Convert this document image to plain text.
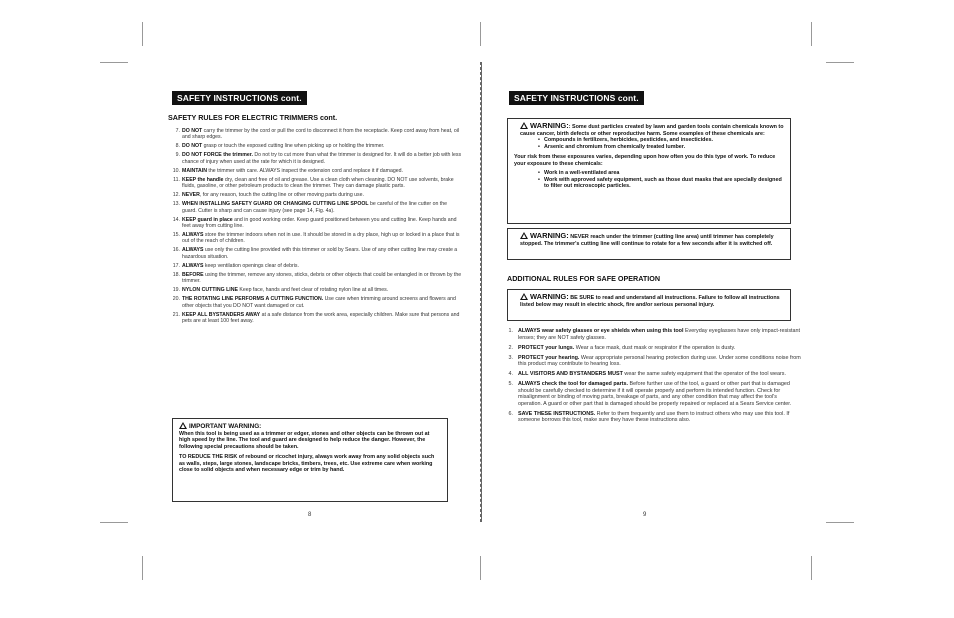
SAFETY INSTRUCTIONS cont.
SAFETY RULES FOR ELECTRIC TRIMMERS cont.
7. DO NOT carry the trimmer by the cord or pull the cord to disconnect it from the receptacle. Keep cord away from heat, oil and sharp edges.
8. DO NOT grasp or touch the exposed cutting line when picking up or holding the trimmer.
9. DO NOT FORCE the trimmer. Do not try to cut more than what the trimmer is designed for. It will do a better job with less chance of injury when used at the rate for which it is designed.
10. MAINTAIN the trimmer with care. ALWAYS inspect the extension cord and replace it if damaged.
11. KEEP the handle dry, clean and free of oil and grease. Use a clean cloth when cleaning. DO NOT use solvents, brake fluids, gasoline, or other petroleum products to clean the trimmer. They can damage plastic parts.
12. NEVER, for any reason, touch the cutting line or other moving parts during use.
13. WHEN INSTALLING SAFETY GUARD OR CHANGING CUTTING LINE SPOOL be careful of the line cutter on the guard. Cutter is sharp and can cause injury (see page 14, Fig. 4a).
14. KEEP guard in place and in good working order. Keep guard positioned between you and cutting line. Keep hands and feet away from cutting line.
15. ALWAYS store the trimmer indoors when not in use. It should be stored in a dry place, high up or locked in a place that is out of the reach of children.
16. ALWAYS use only the cutting line provided with this trimmer or sold by Sears. Use of any other cutting line may create a hazardous situation.
17. ALWAYS keep ventilation openings clear of debris.
18. BEFORE using the trimmer, remove any stones, sticks, debris or other objects that could be entangled in or thrown by the trimmer.
19. NYLON CUTTING LINE Keep face, hands and feet clear of rotating nylon line at all times.
20. THE ROTATING LINE PERFORMS A CUTTING FUNCTION. Use care when trimming around screens and flowers and other objects that you DO NOT want damaged or cut.
21. KEEP ALL BYSTANDERS AWAY at a safe distance from the work area, especially children. Make sure that persons and pets are at least 100 feet away.
IMPORTANT WARNING:
When this tool is being used as a trimmer or edger, stones and other objects can be thrown out at high speed by the line. The tool and guard are designed to help reduce the danger. However, the following special precautions should be taken.
TO REDUCE THE RISK of rebound or ricochet injury, always work away from any solid objects such as walls, steps, large stones, landscape bricks, timbers, trees, etc. Use extreme care when working close to solid objects and when necessary edge or trim by hand.
8
SAFETY INSTRUCTIONS cont.
WARNING:: Some dust particles created by lawn and garden tools contain chemicals known to cause cancer, birth defects or other reproductive harm. Some examples of these chemicals are:
• Compounds in fertilizers, herbicides, pesticides, and insecticides.
• Arsenic and chromium from chemically treated lumber.
Your risk from these exposures varies, depending upon how often you do this type of work. To reduce your exposure to these chemicals:
• Work in a well-ventilated area
• Work with approved safety equipment, such as those dust masks that are specially designed to filter out microscopic particles.
WARNING: NEVER reach under the trimmer (cutting line area) until trimmer has completely stopped. The trimmer's cutting line will continue to rotate for a few seconds after it is switched off.
ADDITIONAL RULES FOR SAFE OPERATION
WARNING: BE SURE to read and understand all instructions. Failure to follow all instructions listed below may result in electric shock, fire and/or serious personal injury.
1. ALWAYS wear safety glasses or eye shields when using this tool Everyday eyeglasses have only impact-resistant lenses; they are NOT safety glasses.
2. PROTECT your lungs. Wear a face mask, dust mask or respirator if the operation is dusty.
3. PROTECT your hearing. Wear appropriate personal hearing protection during use. Under some conditions noise from this product may contribute to hearing loss.
4. ALL VISITORS AND BYSTANDERS MUST wear the same safety equipment that the operator of the tool wears.
5. ALWAYS check the tool for damaged parts. Before further use of the tool, a guard or other part that is damaged should be carefully checked to determine if it will operate properly and perform its intended function. Check for misalignment or binding of moving parts, breakage of parts, and any other condition that may affect the tool's operation. A guard or other part that is damaged should be properly repaired or replaced at a Sears Service center.
6. SAVE THESE INSTRUCTIONS. Refer to them frequently and use them to instruct others who may use this tool. If someone borrows this tool, make sure they have these instructions also.
9
